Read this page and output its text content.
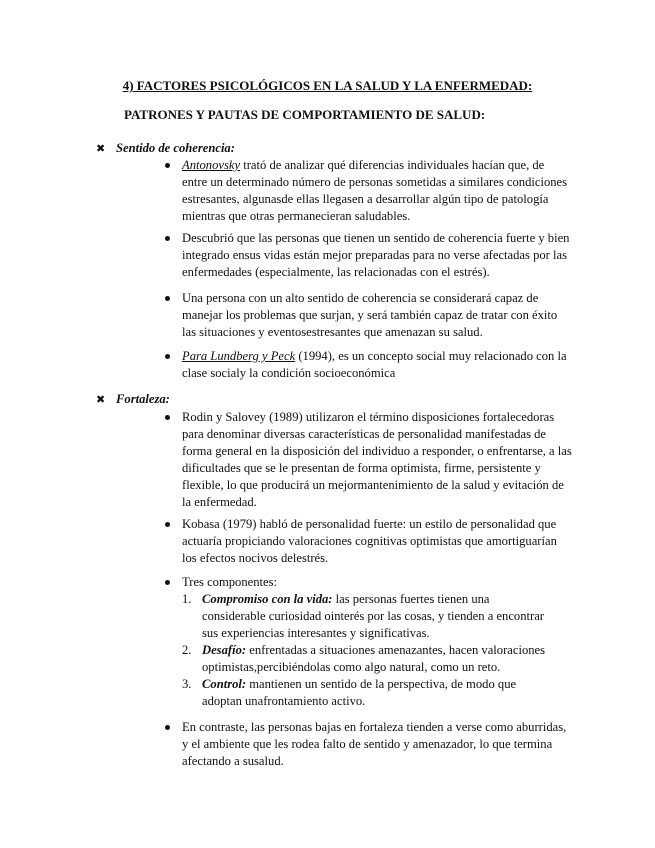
4) FACTORES PSICOLÓGICOS EN LA SALUD Y LA ENFERMEDAD:
PATRONES Y PAUTAS DE COMPORTAMIENTO DE SALUD:
✖ Sentido de coherencia:
Antonovsky trató de analizar qué diferencias individuales hacían que, de entre un determinado número de personas sometidas a similares condiciones estresantes, algunasde ellas llegasen a desarrollar algún tipo de patología mientras que otras permanecieran saludables.
Descubrió que las personas que tienen un sentido de coherencia fuerte y bien integrado ensus vidas están mejor preparadas para no verse afectadas por las enfermedades (especialmente, las relacionadas con el estrés).
Una persona con un alto sentido de coherencia se considerará capaz de manejar los problemas que surjan, y será también capaz de tratar con éxito las situaciones y eventosestresantes que amenazan su salud.
Para Lundberg y Peck (1994), es un concepto social muy relacionado con la clase socialy la condición socioeconómica
✖ Fortaleza:
Rodin y Salovey (1989) utilizaron el término disposiciones fortalecedoras para denominar diversas características de personalidad manifestadas de forma general en la disposición del individuo a responder, o enfrentarse, a las dificultades que se le presentan de forma optimista, firme, persistente y flexible, lo que producirá un mejormantenimiento de la salud y evitación de la enfermedad.
Kobasa (1979) habló de personalidad fuerte: un estilo de personalidad que actuaría propiciando valoraciones cognitivas optimistas que amortiguarían los efectos nocivos delestrés.
Tres componentes:
1. Compromiso con la vida: las personas fuertes tienen una considerable curiosidad ointerés por las cosas, y tienden a encontrar sus experiencias interesantes y significativas.
2. Desafío: enfrentadas a situaciones amenazantes, hacen valoraciones optimistas,percibiéndolas como algo natural, como un reto.
3. Control: mantienen un sentido de la perspectiva, de modo que adoptan unafrontamiento activo.
En contraste, las personas bajas en fortaleza tienden a verse como aburridas, y el ambiente que les rodea falto de sentido y amenazador, lo que termina afectando a susalud.
